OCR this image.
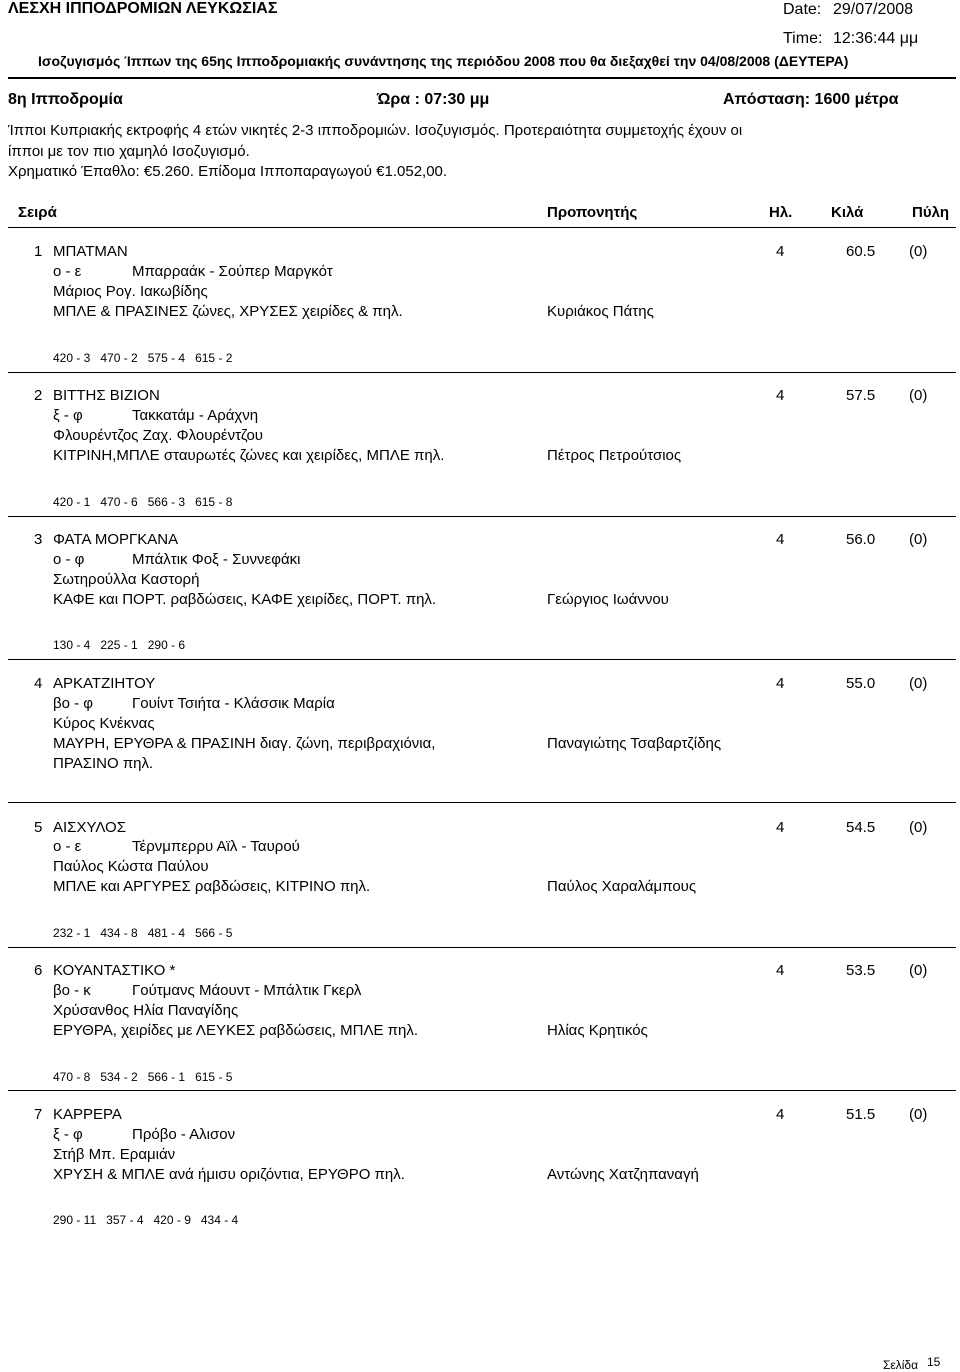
ΛΕΣΧΗ ΙΠΠΟΔΡΟΜΙΩΝ ΛΕΥΚΩΣΙΑΣ	Date: 29/07/2008
Time: 12:36:44 μμ
Ισοζυγισμός Ίππων της 65ης Ιπποδρομιακής συνάντησης της περιόδου 2008 που θα διεξαχθεί την 04/08/2008 (ΔΕΥΤΕΡΑ)
8η Ιπποδρομία	Ώρα : 07:30 μμ	Απόσταση: 1600 μέτρα
Ίπποι Κυπριακής εκτροφής 4 ετών νικητές 2-3 ιπποδρομιών. Ισοζυγισμός. Προτεραιότητα συμμετοχής έχουν οι
ίπποι με τον πιο χαμηλό Ισοζυγισμό.
Χρηματικό Έπαθλο: €5.260. Επίδομα Ιπποπαραγωγού €1.052,00.
Σειρά	Προπονητής	Ηλ.	Κιλά	Πύλη
1 ΜΠΑΤΜΑΝ	4	60.5 (0)
ο - ε	Μπαρραάκ - Σούπερ Μαργκότ
Μάριος Ρογ. Ιακωβίδης
ΜΠΛΕ & ΠΡΑΣΙΝΕΣ ζώνες, ΧΡΥΣΕΣ χειρίδες & πηλ.	Κυριάκος Πάτης
420 - 3   470 - 2   575 - 4   615 - 2
2 ΒΙΤΤΗΣ ΒΙΖΙΟΝ	4	57.5 (0)
ξ - φ	Τακκατάμ - Αράχνη
Φλουρέντζος Ζαχ. Φλουρέντζου
ΚΙΤΡΙΝΗ,ΜΠΛΕ σταυρωτές ζώνες και χειρίδες, ΜΠΛΕ πηλ.	Πέτρος Πετρούτσιος
420 - 1   470 - 6   566 - 3   615 - 8
3 ΦΑΤΑ ΜΟΡΓΚΑΝΑ	4	56.0 (0)
ο - φ	Μπάλτικ Φοξ - Συννεφάκι
Σωτηρούλλα Καστορή
ΚΑΦΕ και ΠΟΡΤ. ραβδώσεις, ΚΑΦΕ χειρίδες, ΠΟΡΤ. πηλ.	Γεώργιος Ιωάννου
130 - 4   225 - 1   290 - 6
4 ΑΡΚΑΤΖΙΗΤΟΥ	4	55.0 (0)
βο - φ	Γουίντ Τσιήτα - Κλάσσικ Μαρία
Κύρος Κνέκνας
ΜΑΥΡΗ, ΕΡΥΘΡΑ & ΠΡΑΣΙΝΗ διαγ. ζώνη, περιβραχιόνια,
ΠΡΑΣΙΝΟ πηλ.
Παναγιώτης Τσαβαρτζίδης
5 ΑΙΣΧΥΛΟΣ	4	54.5 (0)
ο - ε	Τέρνμπερρυ Αϊλ - Ταυρού
Παύλος Κώστα Παύλου
ΜΠΛΕ και ΑΡΓΥΡΕΣ ραβδώσεις, ΚΙΤΡΙΝΟ πηλ.	Παύλος Χαραλάμπους
232 - 1   434 - 8   481 - 4   566 - 5
6 ΚΟΥΑΝΤΑΣΤΙΚΟ *	4	53.5 (0)
βο - κ	Γούτμανς Μάουντ - Μπάλτικ Γκερλ
Χρύσανθος Ηλία Παναγίδης
ΕΡΥΘΡΑ, χειρίδες με ΛΕΥΚΕΣ ραβδώσεις, ΜΠΛΕ πηλ.	Ηλίας Κρητικός
470 - 8   534 - 2   566 - 1   615 - 5
7 ΚΑΡΡΕΡΑ	4	51.5 (0)
ξ - φ	Πρόβο - Αλισον
Στήβ Μπ. Εραμιάν
ΧΡΥΣΗ & ΜΠΛΕ ανά ήμισυ οριζόντια, ΕΡΥΘΡΟ πηλ.	Αντώνης Χατζηπαναγή
290 - 11   357 - 4   420 - 9   434 - 4
Σελίδα 15
